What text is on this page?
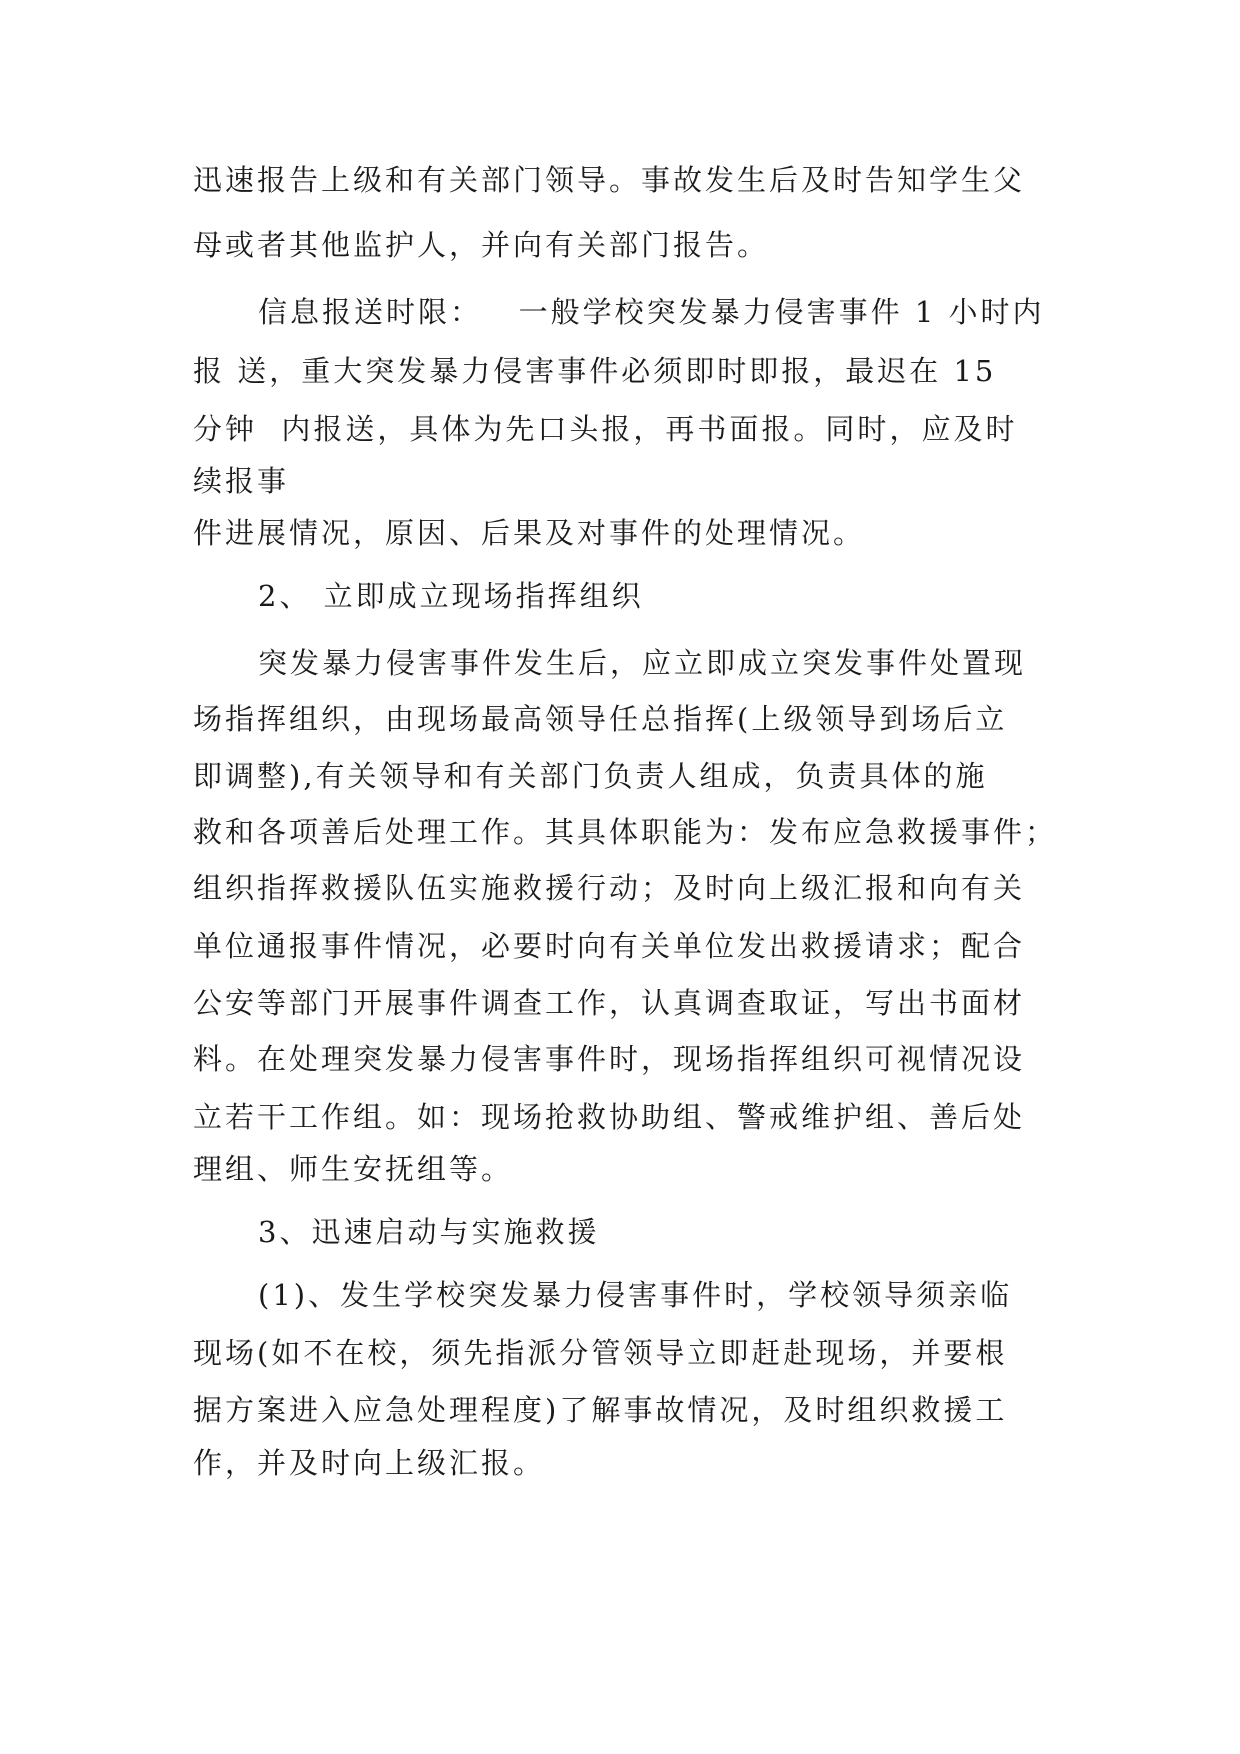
迅速报告上级和有关部门领导。事故发生后及时告知学生父
母或者其他监护人，并向有关部门报告。
信息报送时限：   一般学校突发暴力侵害事件 1 小时内
报 送，重大突发暴力侵害事件必须即时即报，最迟在 15
分钟  内报送，具体为先口头报，再书面报。同时，应及时
续报事
件进展情况，原因、后果及对事件的处理情况。
2、 立即成立现场指挥组织
突发暴力侵害事件发生后，应立即成立突发事件处置现
场指挥组织，由现场最高领导任总指挥(上级领导到场后立
即调整),有关领导和有关部门负责人组成，负责具体的施
救和各项善后处理工作。其具体职能为：发布应急救援事件；
组织指挥救援队伍实施救援行动；及时向上级汇报和向有关
单位通报事件情况，必要时向有关单位发出救援请求；配合
公安等部门开展事件调查工作，认真调查取证，写出书面材
料。在处理突发暴力侵害事件时，现场指挥组织可视情况设
立若干工作组。如：现场抢救协助组、警戒维护组、善后处
理组、师生安抚组等。
3、迅速启动与实施救援
(1)、发生学校突发暴力侵害事件时，学校领导须亲临
现场(如不在校，须先指派分管领导立即赶赴现场，并要根
据方案进入应急处理程度)了解事故情况，及时组织救援工
作，并及时向上级汇报。
